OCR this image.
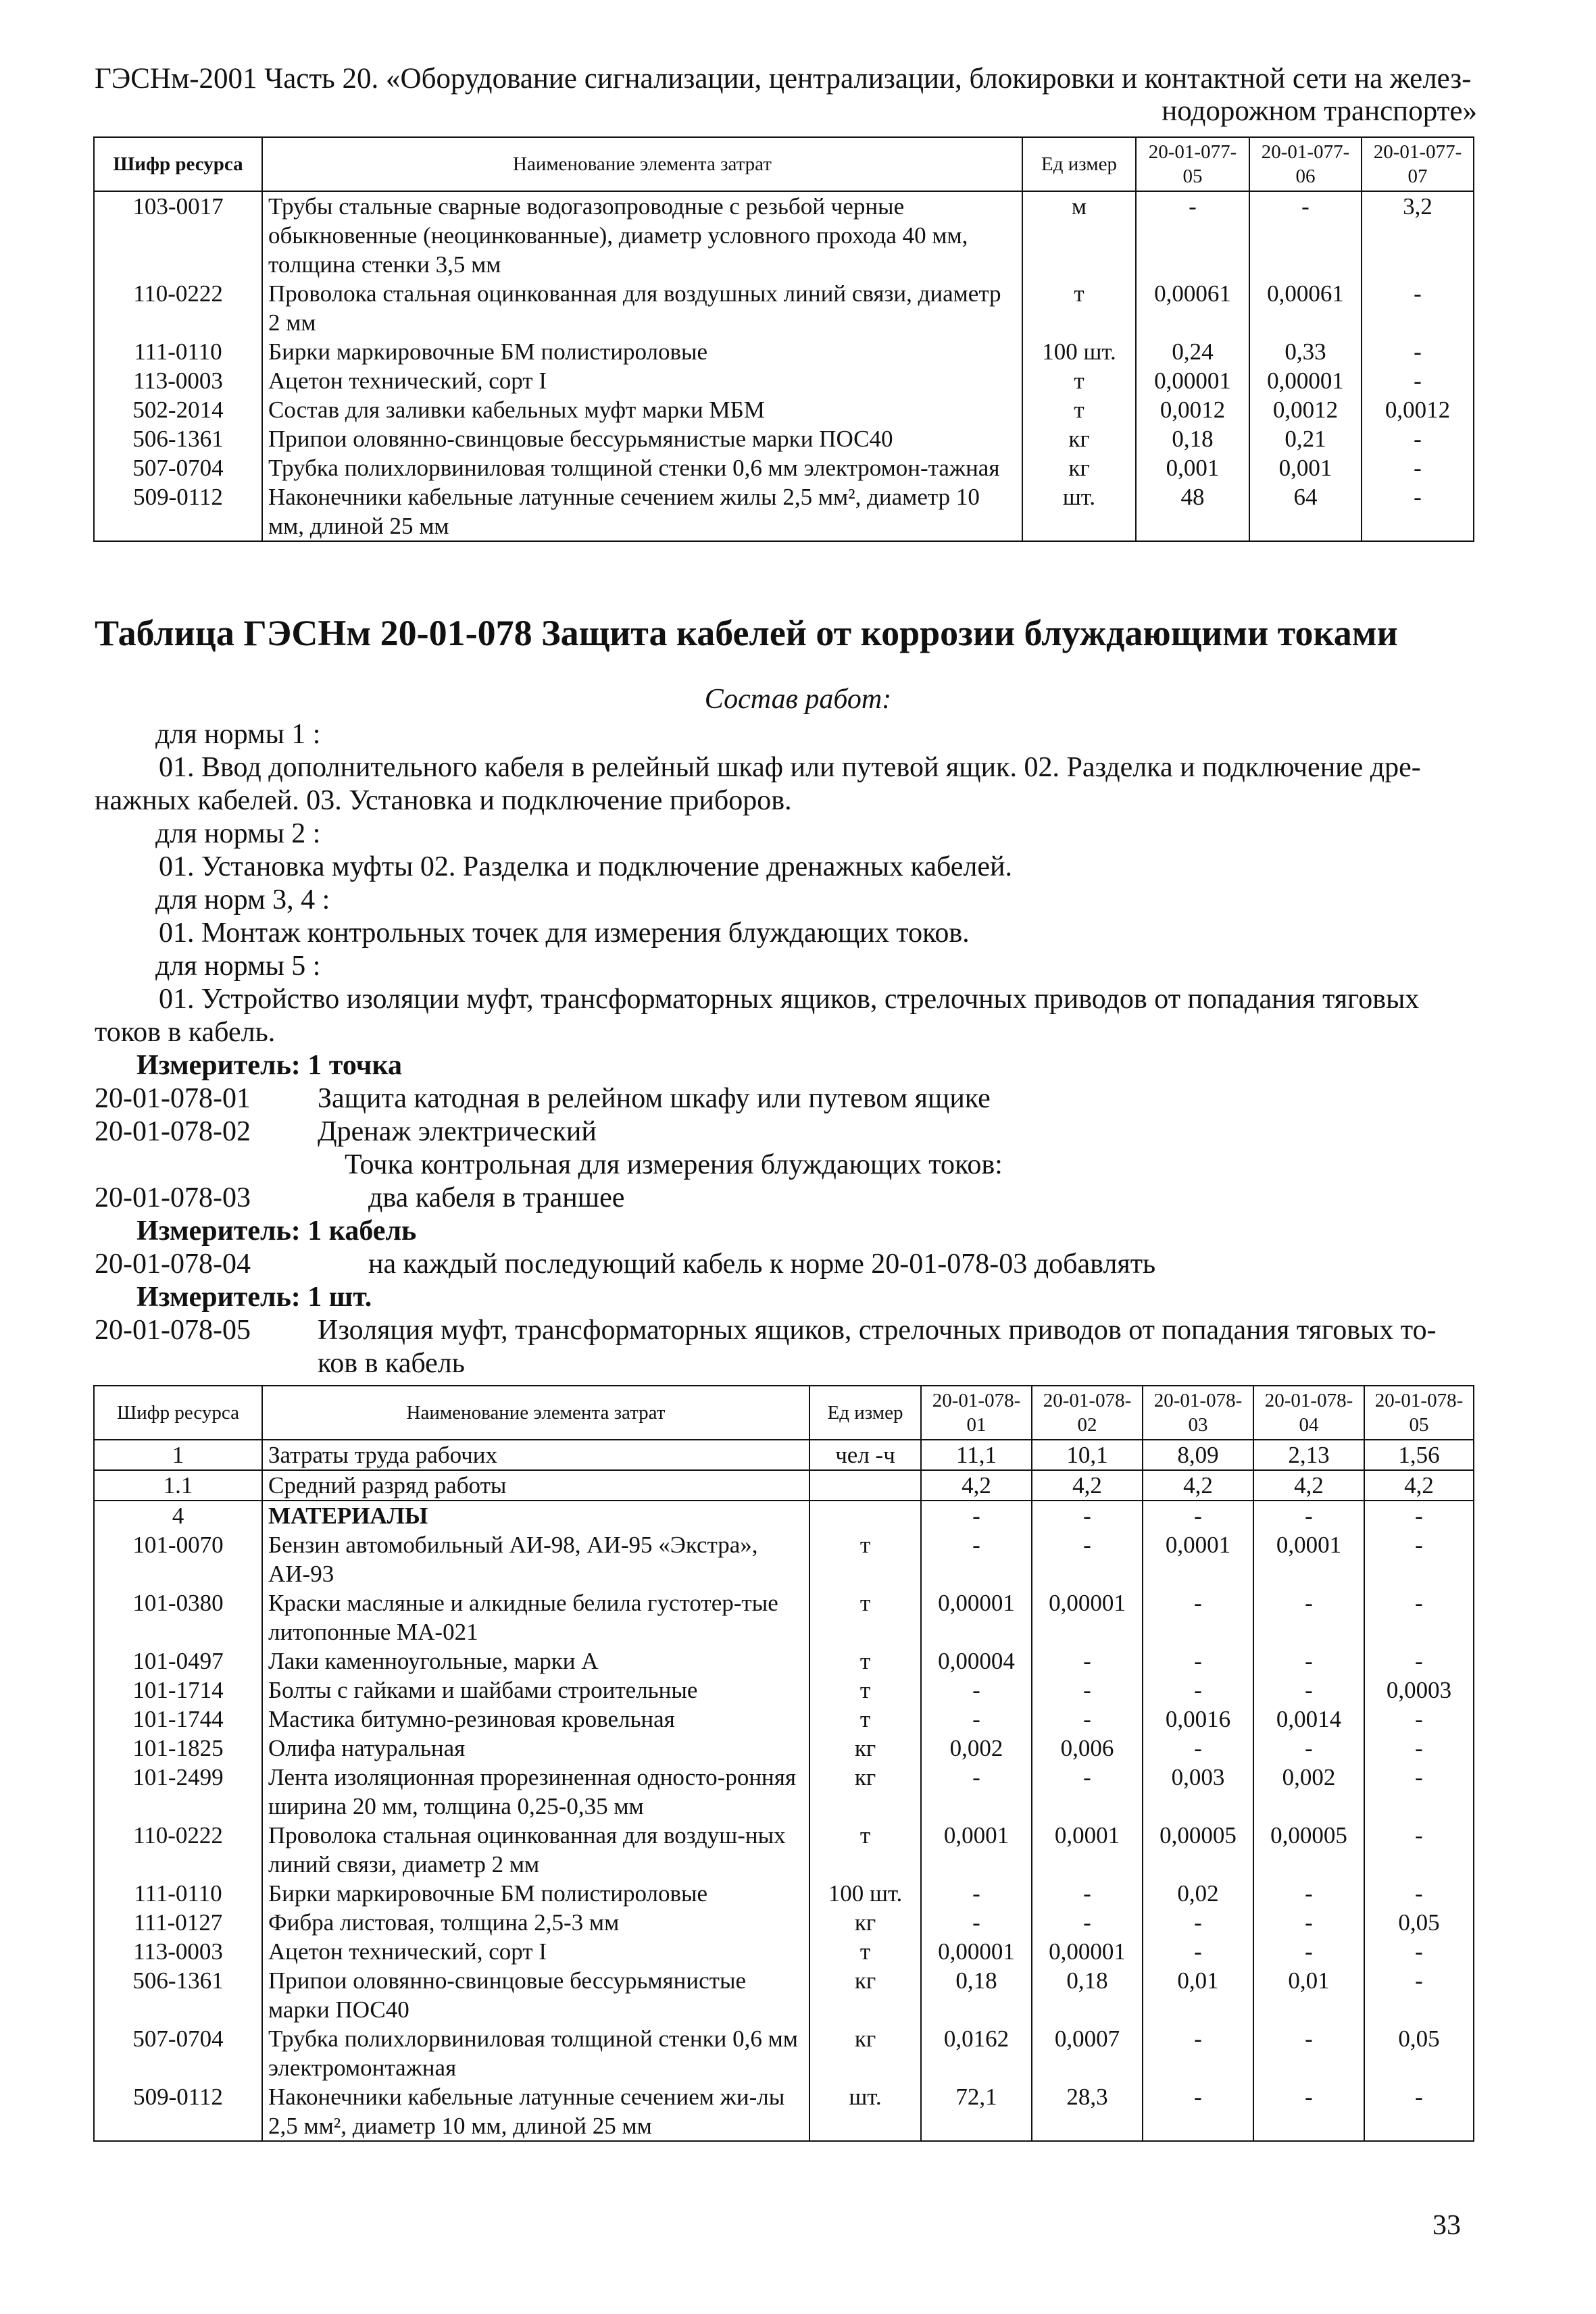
ГЭСНм-2001 Часть 20. «Оборудование сигнализации, централизации, блокировки и контактной сети на желез-
нодорожном транспорте»
Шифр ресурса	Наименование элемента затрат	Ед измер	20-01-077-05	20-01-077-06	20-01-077-07
103-0017	Трубы стальные сварные водогазопроводные с резьбой черные обыкновенные (неоцинкованные), диаметр условного прохода 40 мм, толщина стенки 3,5 мм	м	-	-	3,2
110-0222	Проволока стальная оцинкованная для воздушных линий связи, диаметр 2 мм	т	0,00061	0,00061	-
111-0110	Бирки маркировочные БМ полистироловые	100 шт.	0,24	0,33	-
113-0003	Ацетон технический, сорт I	т	0,00001	0,00001	-
502-2014	Состав для заливки кабельных муфт марки МБМ	т	0,0012	0,0012	0,0012
506-1361	Припои оловянно-свинцовые бессурьмянистые марки ПОС40	кг	0,18	0,21	-
507-0704	Трубка полихлорвиниловая толщиной стенки 0,6 мм электромон-тажная	кг	0,001	0,001	-
509-0112	Наконечники кабельные латунные сечением жилы 2,5 мм², диаметр 10 мм, длиной 25 мм	шт.	48	64	-
Таблица ГЭСНм 20-01-078 Защита кабелей от коррозии блуждающими токами
Состав работ:

для нормы 1 :

01. Ввод дополнительного кабеля в релейный шкаф или путевой ящик. 02. Разделка и подключение дре-нажных кабелей. 03. Установка и подключение приборов.

для нормы 2 :

01. Установка муфты 02. Разделка и подключение дренажных кабелей.

для норм 3, 4 :

01. Монтаж контрольных точек для измерения блуждающих токов.

для нормы 5 :

01. Устройство изоляции муфт, трансформаторных ящиков, стрелочных приводов от попадания тяговых токов в кабель.

Измеритель: 1 точка

20-01-078-01	Защита катодная в релейном шкафу или путевом ящике
20-01-078-02	Дренаж электрический
Точка контрольная для измерения блуждающих токов:
20-01-078-03	два кабеля в траншее

Измеритель: 1 кабель

20-01-078-04	на каждый последующий кабель к норме 20-01-078-03 добавлять

Измеритель: 1 шт.

20-01-078-05	Изоляция муфт, трансформаторных ящиков, стрелочных приводов от попадания тяговых то-ков в кабель
Шифр ресурса	Наименование элемента затрат	Ед измер	20-01-078-01	20-01-078-02	20-01-078-03	20-01-078-04	20-01-078-05
1	Затраты труда рабочих	чел -ч	11,1	10,1	8,09	2,13	1,56
1.1	Средний разряд работы		4,2	4,2	4,2	4,2	4,2
4	МАТЕРИАЛЫ		-	-	-	-	-
101-0070	Бензин автомобильный АИ-98, АИ-95 «Экстра», АИ-93	т	-	-	0,0001	0,0001	-
101-0380	Краски масляные и алкидные белила густотер-тые литопонные МА-021	т	0,00001	0,00001	-	-	-
101-0497	Лаки каменноугольные, марки А	т	0,00004	-	-	-	-
101-1714	Болты с гайками и шайбами строительные	т	-	-	-	-	0,0003
101-1744	Мастика битумно-резиновая кровельная	т	-	-	0,0016	0,0014	-
101-1825	Олифа натуральная	кг	0,002	0,006	-	-	-
101-2499	Лента изоляционная прорезиненная односто-ронняя ширина 20 мм, толщина 0,25-0,35 мм	кг	-	-	0,003	0,002	-
110-0222	Проволока стальная оцинкованная для воздуш-ных линий связи, диаметр 2 мм	т	0,0001	0,0001	0,00005	0,00005	-
111-0110	Бирки маркировочные БМ полистироловые	100 шт.	-	-	0,02	-	-
111-0127	Фибра листовая, толщина 2,5-3 мм	кг	-	-	-	-	0,05
113-0003	Ацетон технический, сорт I	т	0,00001	0,00001	-	-	-
506-1361	Припои оловянно-свинцовые бессурьмянистые марки ПОС40	кг	0,18	0,18	0,01	0,01	-
507-0704	Трубка полихлорвиниловая толщиной стенки 0,6 мм электромонтажная	кг	0,0162	0,0007	-	-	0,05
509-0112	Наконечники кабельные латунные сечением жи-лы 2,5 мм², диаметр 10 мм, длиной 25 мм	шт.	72,1	28,3	-	-	-
33
